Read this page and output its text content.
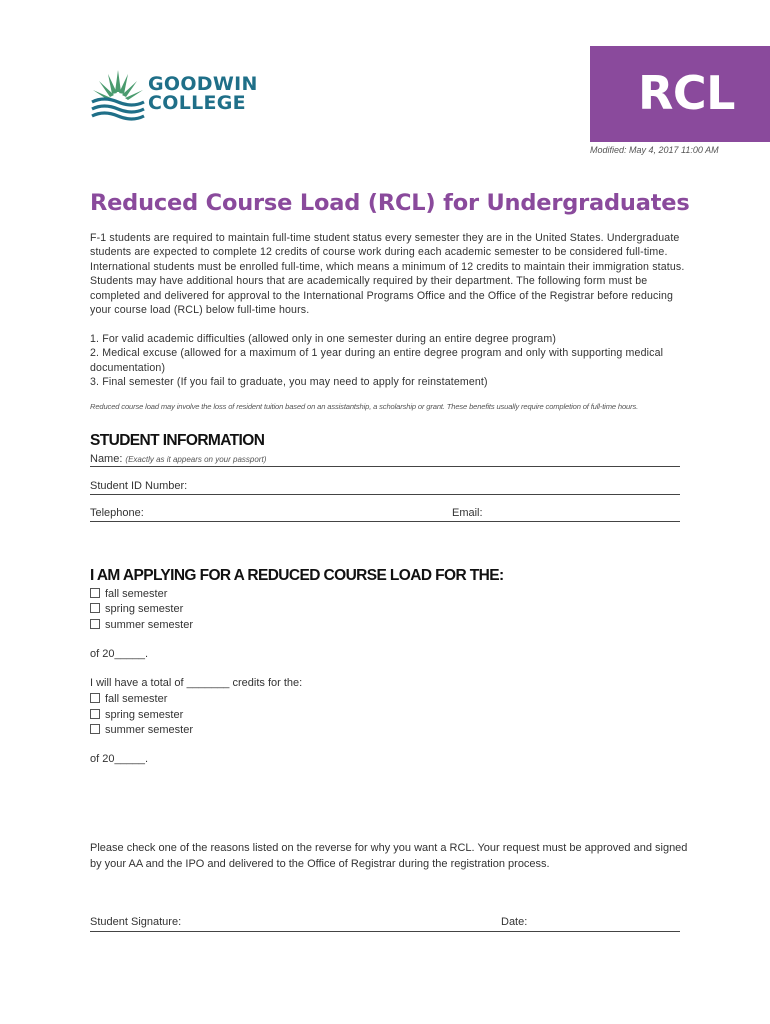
GOODWIN
COLLEGE	RCL
Modified: May 4, 2017 11:00 AM
Reduced Course Load (RCL) for Undergraduates

F-1 students are required to maintain full-time student status every semester they are in the United States. Undergraduate students are expected to complete 12 credits of course work during each academic semester to be considered full-time. International students must be enrolled full-time, which means a minimum of 12 credits to maintain their immigration status. Students may have additional hours that are academically required by their department. The following form must be completed and delivered for approval to the International Programs Office and the Office of the Registrar before reducing your course load (RCL) below full-time hours.

1. For valid academic difficulties (allowed only in one semester during an entire degree program)
2. Medical excuse (allowed for a maximum of 1 year during an entire degree program and only with supporting medical documentation)
3. Final semester (If you fail to graduate, you may need to apply for reinstatement)
Reduced course load may involve the loss of resident tuition based on an assistantship, a scholarship or grant. These benefits usually require completion of full-time hours.
STUDENT INFORMATION
Name: (Exactly as it appears on your passport)
Student ID Number:
Telephone:	Email:
I AM APPLYING FOR A REDUCED COURSE LOAD FOR THE:
fall semester
spring semester
summer semester
of 20_____.
I will have a total of _______ credits for the:
fall semester
spring semester
summer semester
of 20_____.
Please check one of the reasons listed on the reverse for why you want a RCL. Your request must be approved and signed by your AA and the IPO and delivered to the Office of Registrar during the registration process.
Student Signature:	Date:
